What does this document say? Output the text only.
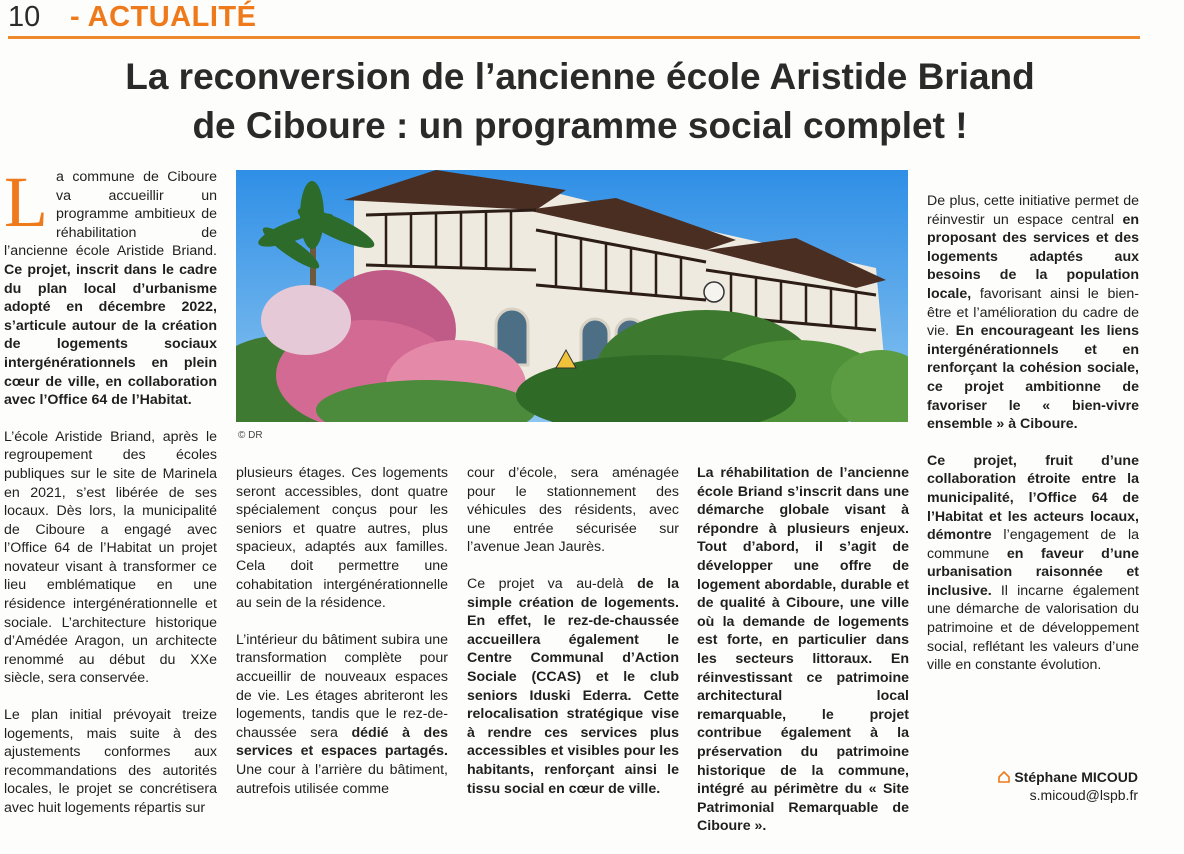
10 - ACTUALITÉ
La reconversion de l’ancienne école Aristide Briand
de Ciboure : un programme social complet !

La commune de Ciboure va accueillir un programme ambitieux de réhabilitation de l’ancienne école Aristide Briand. Ce projet, inscrit dans le cadre du plan local d’urbanisme adopté en décembre 2022, s’articule autour de la création de logements sociaux intergénérationnels en plein cœur de ville, en collaboration avec l’Office 64 de l’Habitat.

L’école Aristide Briand, après le regroupement des écoles publiques sur le site de Marinela en 2021, s’est libérée de ses locaux. Dès lors, la municipalité de Ciboure a engagé avec l’Office 64 de l’Habitat un projet novateur visant à transformer ce lieu emblématique en une résidence intergénérationnelle et sociale. L’architecture historique d’Amédée Aragon, un architecte renommé au début du XXe siècle, sera conservée.

Le plan initial prévoyait treize logements, mais suite à des ajustements conformes aux recommandations des autorités locales, le projet se concrétisera avec huit logements répartis sur

© DR

plusieurs étages. Ces logements seront accessibles, dont quatre spécialement conçus pour les seniors et quatre autres, plus spacieux, adaptés aux familles. Cela doit permettre une cohabitation intergénérationnelle au sein de la résidence.

L’intérieur du bâtiment subira une transformation complète pour accueillir de nouveaux espaces de vie. Les étages abriteront les logements, tandis que le rez-de-chaussée sera dédié à des services et espaces partagés. Une cour à l’arrière du bâtiment, autrefois utilisée comme

cour d’école, sera aménagée pour le stationnement des véhicules des résidents, avec une entrée sécurisée sur l’avenue Jean Jaurès.

Ce projet va au-delà de la simple création de logements. En effet, le rez-de-chaussée accueillera également le Centre Communal d’Action Sociale (CCAS) et le club seniors Iduski Ederra. Cette relocalisation stratégique vise à rendre ces services plus accessibles et visibles pour les habitants, renforçant ainsi le tissu social en cœur de ville.

La réhabilitation de l’ancienne école Briand s’inscrit dans une démarche globale visant à répondre à plusieurs enjeux. Tout d’abord, il s’agit de développer une offre de logement abordable, durable et de qualité à Ciboure, une ville où la demande de logements est forte, en particulier dans les secteurs littoraux. En réinvestissant ce patrimoine architectural local remarquable, le projet contribue également à la préservation du patrimoine historique de la commune, intégré au périmètre du « Site Patrimonial Remarquable de Ciboure ».

De plus, cette initiative permet de réinvestir un espace central en proposant des services et des logements adaptés aux besoins de la population locale, favorisant ainsi le bien-être et l’amélioration du cadre de vie. En encourageant les liens intergénérationnels et en renforçant la cohésion sociale, ce projet ambitionne de favoriser le « bien-vivre ensemble » à Ciboure.

Ce projet, fruit d’une collaboration étroite entre la municipalité, l’Office 64 de l’Habitat et les acteurs locaux, démontre l’engagement de la commune en faveur d’une urbanisation raisonnée et inclusive. Il incarne également une démarche de valorisation du patrimoine et de développement social, reflétant les valeurs d’une ville en constante évolution.

Stéphane MICOUD
s.micoud@lspb.fr
